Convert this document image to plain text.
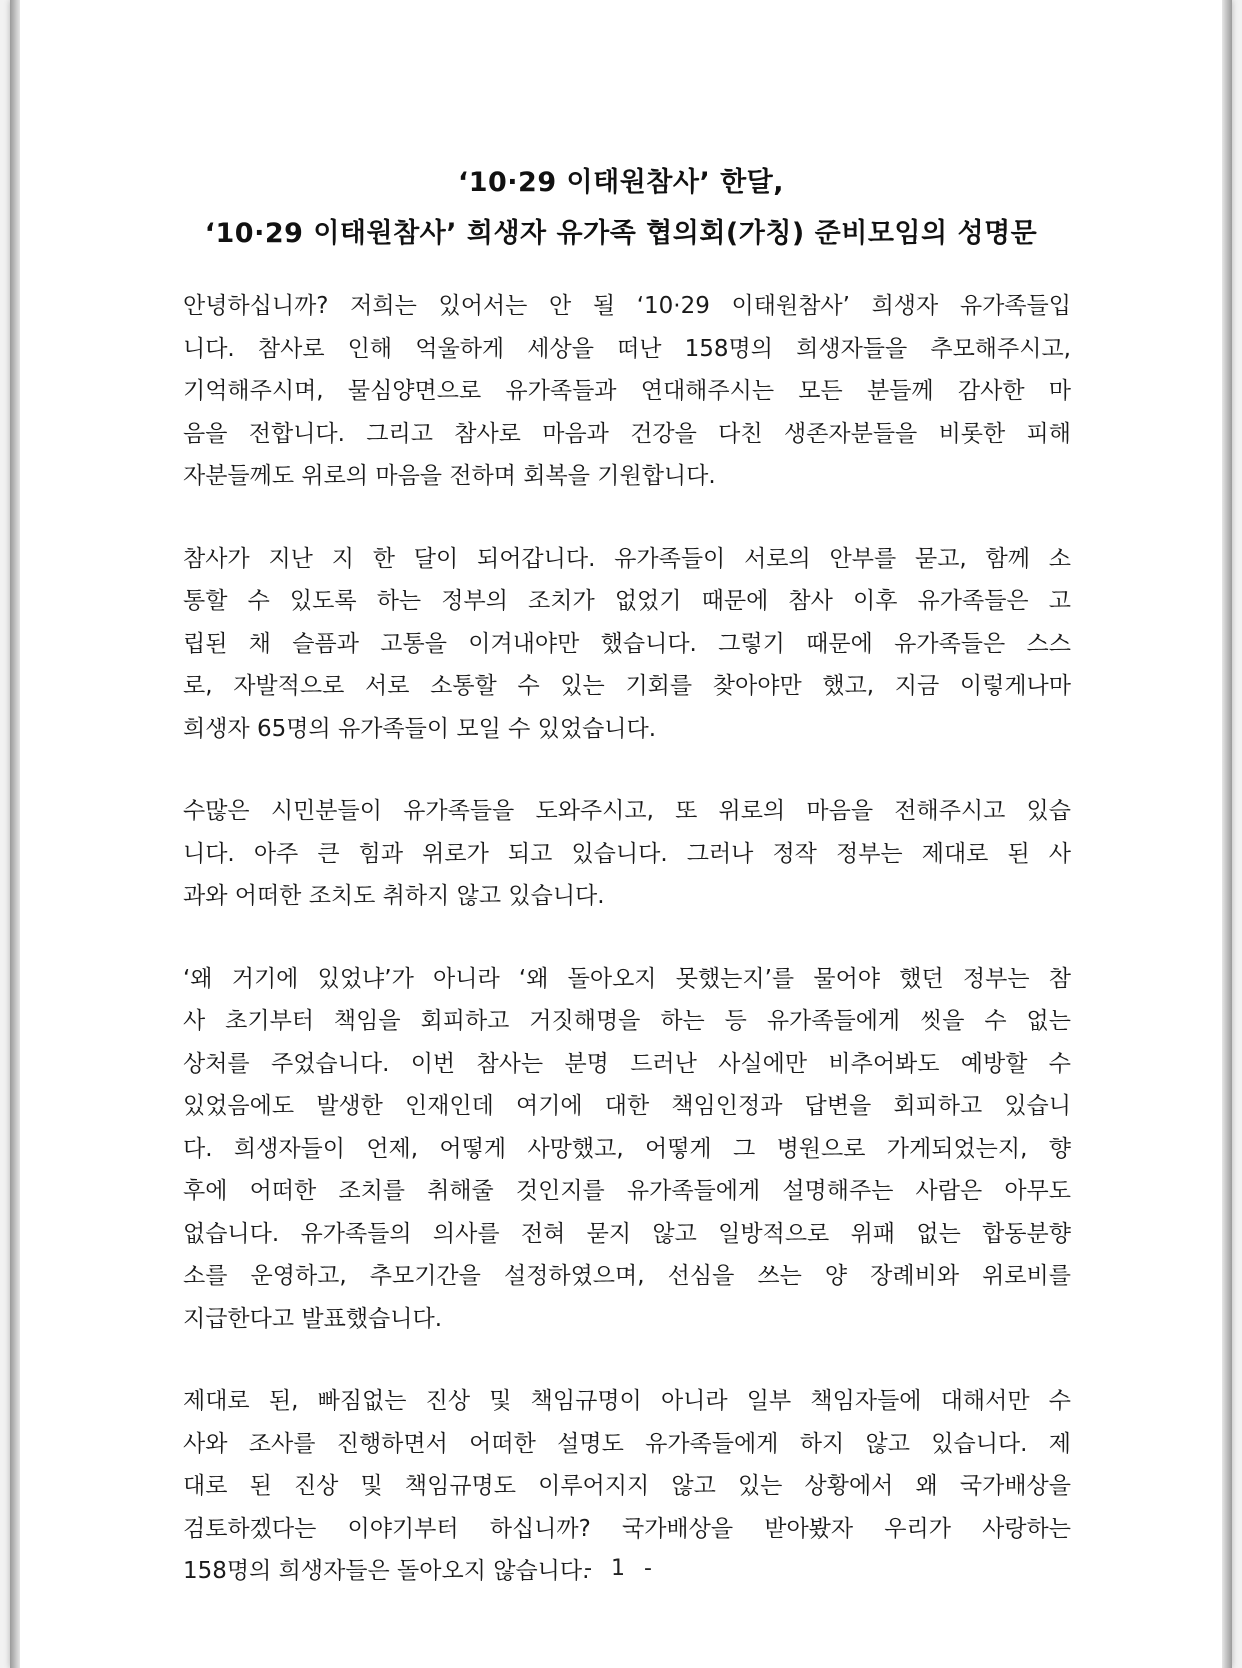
‘10·29 이태원참사’ 한달,
‘10·29 이태원참사’ 희생자 유가족 협의회(가칭) 준비모임의 성명문

안녕하십니까? 저희는 있어서는 안 될 ‘10·29 이태원참사’ 희생자 유가족들입
니다. 참사로 인해 억울하게 세상을 떠난 158명의 희생자들을 추모해주시고,
기억해주시며, 물심양면으로 유가족들과 연대해주시는 모든 분들께 감사한 마
음을 전합니다. 그리고 참사로 마음과 건강을 다친 생존자분들을 비롯한 피해
자분들께도 위로의 마음을 전하며 회복을 기원합니다.

참사가 지난 지 한 달이 되어갑니다. 유가족들이 서로의 안부를 묻고, 함께 소
통할 수 있도록 하는 정부의 조치가 없었기 때문에 참사 이후 유가족들은 고
립된 채 슬픔과 고통을 이겨내야만 했습니다. 그렇기 때문에 유가족들은 스스
로, 자발적으로 서로 소통할 수 있는 기회를 찾아야만 했고, 지금 이렇게나마
희생자 65명의 유가족들이 모일 수 있었습니다.

수많은 시민분들이 유가족들을 도와주시고, 또 위로의 마음을 전해주시고 있습
니다. 아주 큰 힘과 위로가 되고 있습니다. 그러나 정작 정부는 제대로 된 사
과와 어떠한 조치도 취하지 않고 있습니다.

‘왜 거기에 있었냐’가 아니라 ‘왜 돌아오지 못했는지’를 물어야 했던 정부는 참
사 초기부터 책임을 회피하고 거짓해명을 하는 등 유가족들에게 씻을 수 없는
상처를 주었습니다. 이번 참사는 분명 드러난 사실에만 비추어봐도 예방할 수
있었음에도 발생한 인재인데 여기에 대한 책임인정과 답변을 회피하고 있습니
다. 희생자들이 언제, 어떻게 사망했고, 어떻게 그 병원으로 가게되었는지, 향
후에 어떠한 조치를 취해줄 것인지를 유가족들에게 설명해주는 사람은 아무도
없습니다. 유가족들의 의사를 전혀 묻지 않고 일방적으로 위패 없는 합동분향
소를 운영하고, 추모기간을 설정하였으며, 선심을 쓰는 양 장례비와 위로비를
지급한다고 발표했습니다.

제대로 된, 빠짐없는 진상 및 책임규명이 아니라 일부 책임자들에 대해서만 수
사와 조사를 진행하면서 어떠한 설명도 유가족들에게 하지 않고 있습니다. 제
대로 된 진상 및 책임규명도 이루어지지 않고 있는 상황에서 왜 국가배상을
검토하겠다는 이야기부터 하십니까? 국가배상을 받아봤자 우리가 사랑하는
158명의 희생자들은 돌아오지 않습니다.

- 1 -
